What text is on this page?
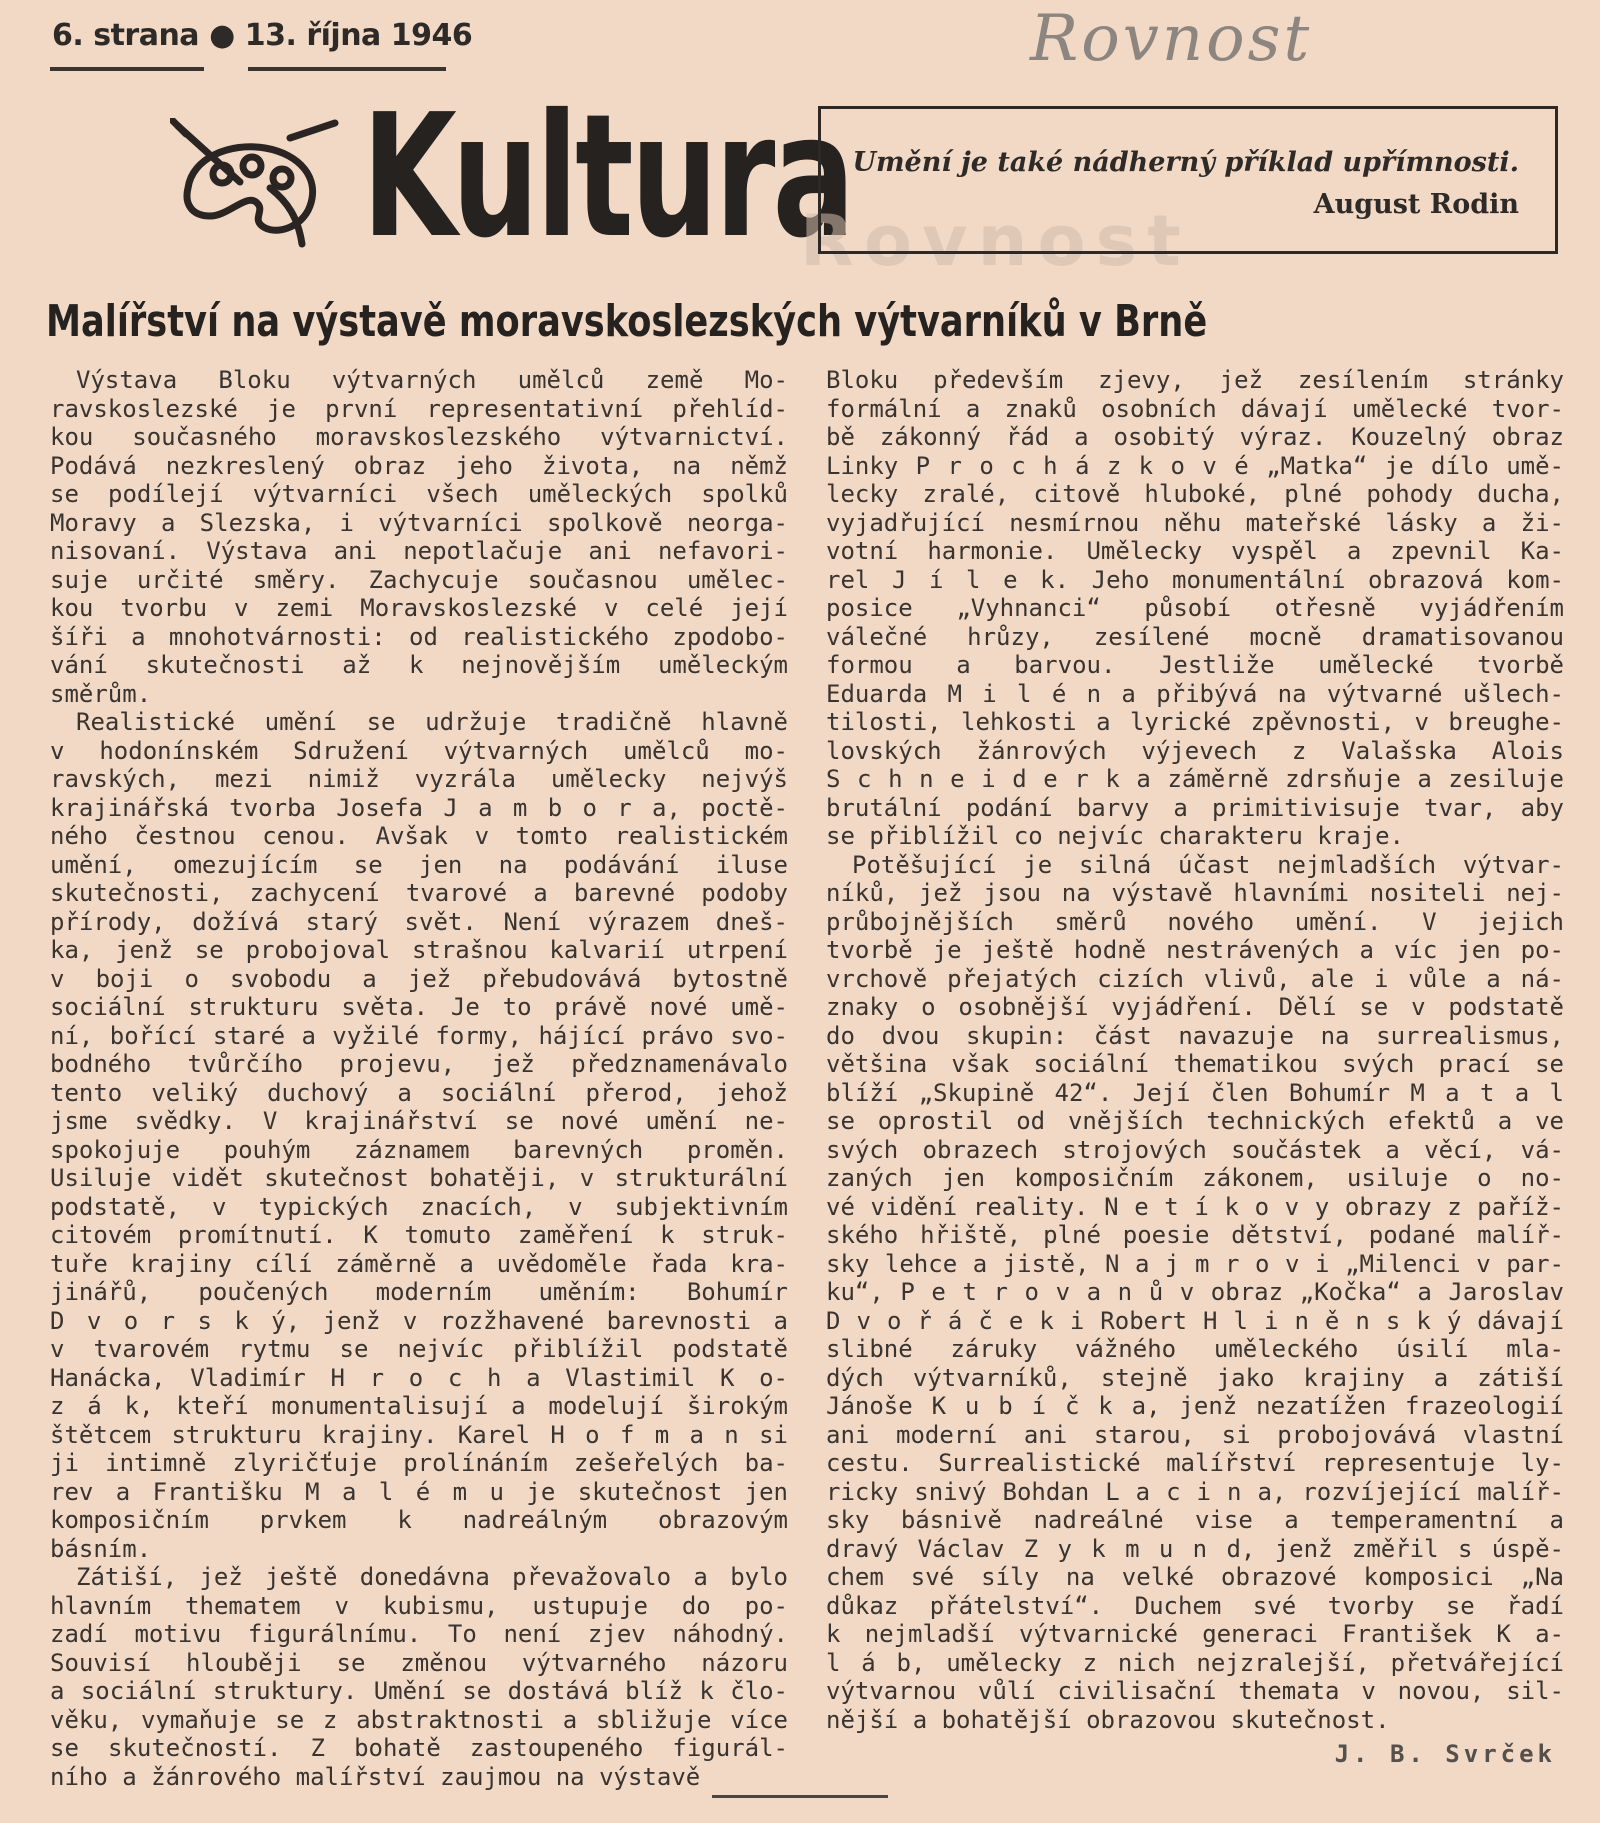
6. strana ● 13. října 1946	Rovnost
Kultura
Rovnost
Umění je také nádherný příklad upřímnosti.
August Rodin
Malířství na výstavě moravskoslezských výtvarníků v Brně
Výstava Bloku výtvarných umělců země Mo-
ravskoslezské je první representativní přehlíd-
kou současného moravskoslezského výtvarnictví.
Podává nezkreslený obraz jeho života, na němž
se podílejí výtvarníci všech uměleckých spolků
Moravy a Slezska, i výtvarníci spolkově neorga-
nisovaní. Výstava ani nepotlačuje ani nefavori-
suje určité směry. Zachycuje současnou umělec-
kou tvorbu v zemi Moravskoslezské v celé její
šíři a mnohotvárnosti: od realistického zpodobo-
vání skutečnosti až k nejnovějším uměleckým
směrům.
Realistické umění se udržuje tradičně hlavně
v hodonínském Sdružení výtvarných umělců mo-
ravských, mezi nimiž vyzrála umělecky nejvýš
krajinářská tvorba Josefa J a m b o r a, poctě-
ného čestnou cenou. Avšak v tomto realistickém
umění, omezujícím se jen na podávání iluse
skutečnosti, zachycení tvarové a barevné podoby
přírody, dožívá starý svět. Není výrazem dneš-
ka, jenž se probojoval strašnou kalvarií utrpení
v boji o svobodu a jež přebudovává bytostně
sociální strukturu světa. Je to právě nové umě-
ní, bořící staré a vyžilé formy, hájící právo svo-
bodného tvůrčího projevu, jež předznamenávalo
tento veliký duchový a sociální přerod, jehož
jsme svědky. V krajinářství se nové umění ne-
spokojuje pouhým záznamem barevných proměn.
Usiluje vidět skutečnost bohatěji, v strukturální
podstatě, v typických znacích, v subjektivním
citovém promítnutí. K tomuto zaměření k struk-
tuře krajiny cílí záměrně a uvědoměle řada kra-
jinářů, poučených moderním uměním: Bohumír
D v o r s k ý, jenž v rozžhavené barevnosti a
v tvarovém rytmu se nejvíc přiblížil podstatě
Hanácka, Vladimír H r o c h a Vlastimil K o-
z á k, kteří monumentalisují a modelují širokým
štětcem strukturu krajiny. Karel H o f m a n si
ji intimně zlyričťuje prolínáním zešeřelých ba-
rev a Františku M a l é m u je skutečnost jen
komposičním prvkem k nadreálným obrazovým
básním.
Zátiší, jež ještě donedávna převažovalo a bylo
hlavním thematem v kubismu, ustupuje do po-
zadí motivu figurálnímu. To není zjev náhodný.
Souvisí hlouběji se změnou výtvarného názoru
a sociální struktury. Umění se dostává blíž k člo-
věku, vymaňuje se z abstraktnosti a sbližuje více
se skutečností. Z bohatě zastoupeného figurál-
ního a žánrového malířství zaujmou na výstavě
Bloku především zjevy, jež zesílením stránky
formální a znaků osobních dávají umělecké tvor-
bě zákonný řád a osobitý výraz. Kouzelný obraz
Linky P r o c h á z k o v é „Matka“ je dílo umě-
lecky zralé, citově hluboké, plné pohody ducha,
vyjadřující nesmírnou něhu mateřské lásky a ži-
votní harmonie. Umělecky vyspěl a zpevnil Ka-
rel J í l e k. Jeho monumentální obrazová kom-
posice „Vyhnanci“ působí otřesně vyjádřením
válečné hrůzy, zesílené mocně dramatisovanou
formou a barvou. Jestliže umělecké tvorbě
Eduarda M i l é n a přibývá na výtvarné ušlech-
tilosti, lehkosti a lyrické zpěvnosti, v breughe-
lovských žánrových výjevech z Valašska Alois
S c h n e i d e r k a záměrně zdrsňuje a zesiluje
brutální podání barvy a primitivisuje tvar, aby
se přiblížil co nejvíc charakteru kraje.
Potěšující je silná účast nejmladších výtvar-
níků, jež jsou na výstavě hlavními nositeli nej-
průbojnějších směrů nového umění. V jejich
tvorbě je ještě hodně nestrávených a víc jen po-
vrchově přejatých cizích vlivů, ale i vůle a ná-
znaky o osobnější vyjádření. Dělí se v podstatě
do dvou skupin: část navazuje na surrealismus,
většina však sociální thematikou svých prací se
blíží „Skupině 42“. Její člen Bohumír M a t a l
se oprostil od vnějších technických efektů a ve
svých obrazech strojových součástek a věcí, vá-
zaných jen komposičním zákonem, usiluje o no-
vé vidění reality. N e t í k o v y obrazy z paříž-
ského hřiště, plné poesie dětství, podané malíř-
sky lehce a jistě, N a j m r o v i „Milenci v par-
ku“, P e t r o v a n ů v obraz „Kočka“ a Jaroslav
D v o ř á č e k i Robert H l i n ě n s k ý dávají
slibné záruky vážného uměleckého úsilí mla-
dých výtvarníků, stejně jako krajiny a zátiší
Jánoše K u b í č k a, jenž nezatížen frazeologií
ani moderní ani starou, si probojovává vlastní
cestu. Surrealistické malířství representuje ly-
ricky snivý Bohdan L a c i n a, rozvíjející malíř-
sky básnivě nadreálné vise a temperamentní a
dravý Václav Z y k m u n d, jenž změřil s úspě-
chem své síly na velké obrazové komposici „Na
důkaz přátelství“. Duchem své tvorby se řadí
k nejmladší výtvarnické generaci František K a-
l á b, umělecky z nich nejzralejší, přetvářející
výtvarnou vůlí civilisační themata v novou, sil-
nější a bohatější obrazovou skutečnost.
J. B. Svrček
